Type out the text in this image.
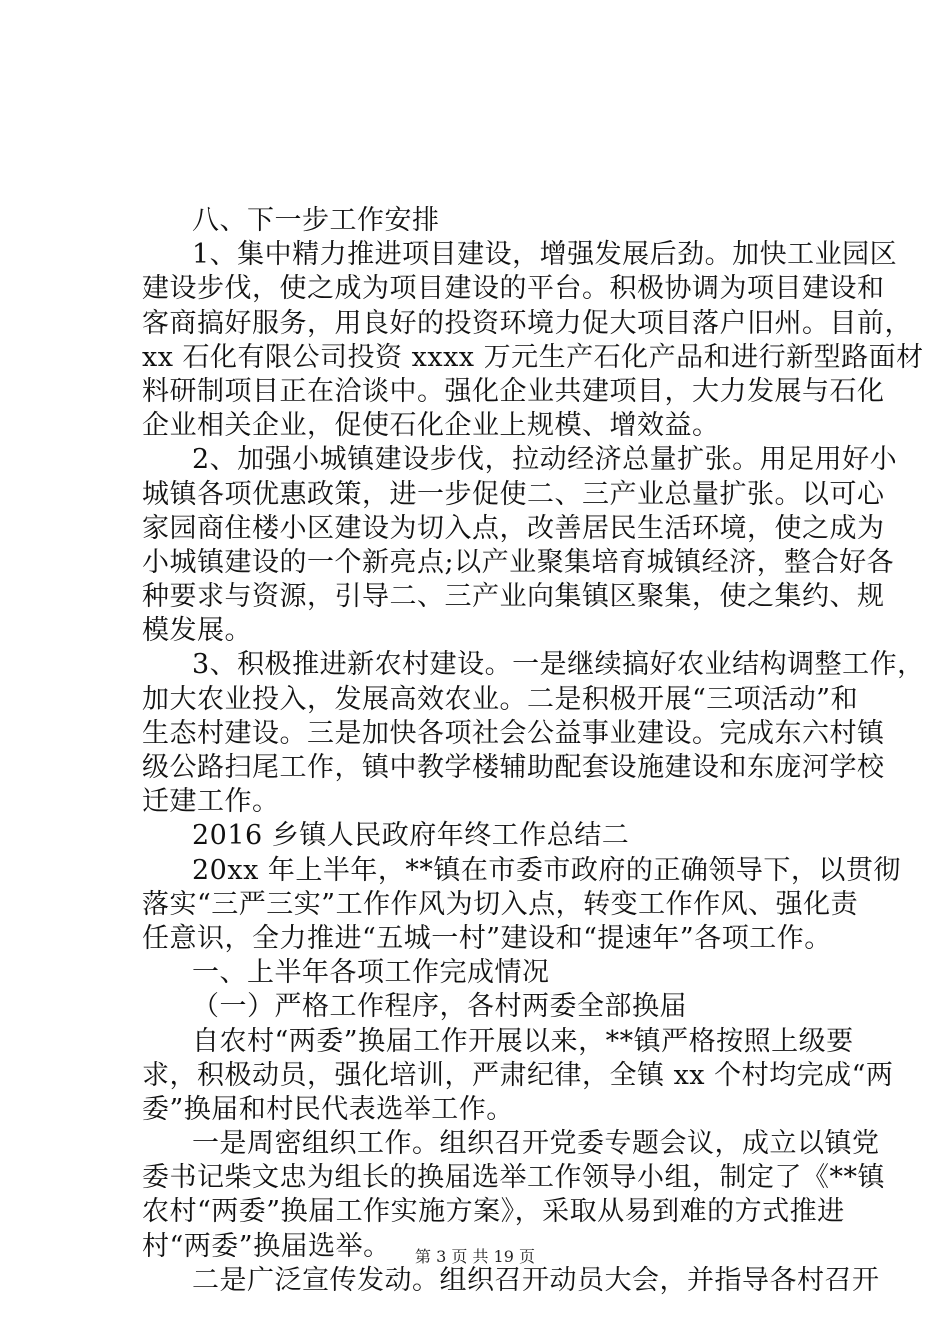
八、下一步工作安排
1、集中精力推进项目建设，增强发展后劲。加快工业园区
建设步伐，使之成为项目建设的平台。积极协调为项目建设和
客商搞好服务，用良好的投资环境力促大项目落户旧州。目前，
xx 石化有限公司投资 xxxx 万元生产石化产品和进行新型路面材
料研制项目正在洽谈中。强化企业共建项目，大力发展与石化
企业相关企业，促使石化企业上规模、增效益。
2、加强小城镇建设步伐，拉动经济总量扩张。用足用好小
城镇各项优惠政策，进一步促使二、三产业总量扩张。以可心
家园商住楼小区建设为切入点，改善居民生活环境，使之成为
小城镇建设的一个新亮点;以产业聚集培育城镇经济，整合好各
种要求与资源，引导二、三产业向集镇区聚集，使之集约、规
模发展。
3、积极推进新农村建设。一是继续搞好农业结构调整工作，
加大农业投入，发展高效农业。二是积极开展“三项活动”和
生态村建设。三是加快各项社会公益事业建设。完成东六村镇
级公路扫尾工作，镇中教学楼辅助配套设施建设和东庞河学校
迁建工作。
2016 乡镇人民政府年终工作总结二
20xx 年上半年，**镇在市委市政府的正确领导下，以贯彻
落实“三严三实”工作作风为切入点，转变工作作风、强化责
任意识，全力推进“五城一村”建设和“提速年”各项工作。
一、上半年各项工作完成情况
（一）严格工作程序，各村两委全部换届
自农村“两委”换届工作开展以来，**镇严格按照上级要
求，积极动员，强化培训，严肃纪律，全镇 xx 个村均完成“两
委”换届和村民代表选举工作。
一是周密组织工作。组织召开党委专题会议，成立以镇党
委书记柴文忠为组长的换届选举工作领导小组，制定了《**镇
农村“两委”换届工作实施方案》，采取从易到难的方式推进
村“两委”换届选举。
二是广泛宣传发动。组织召开动员大会，并指导各村召开
第 3 页 共 19 页
